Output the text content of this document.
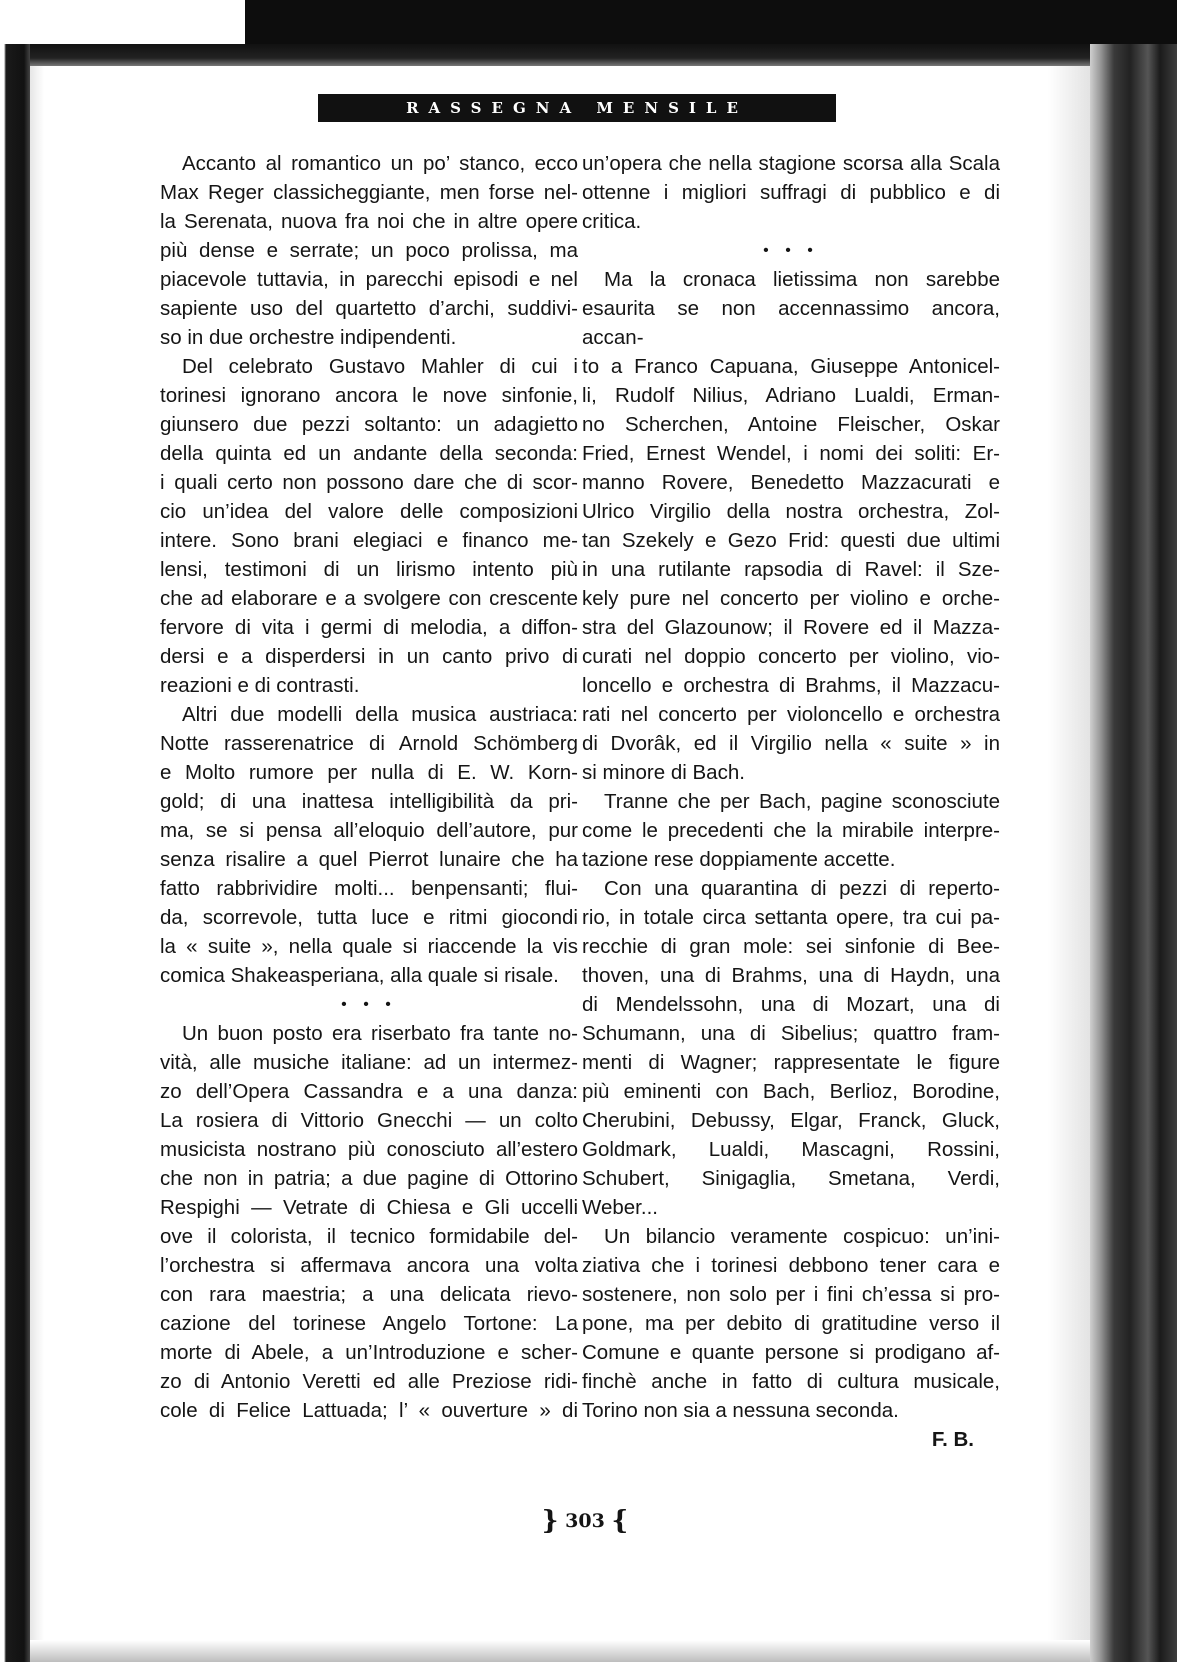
RASSEGNA MENSILE

Accanto al romantico un po’ stanco, ecco

Max Reger classicheggiante, men forse nel-

la Serenata, nuova fra noi che in altre opere

più dense e serrate; un poco prolissa, ma

piacevole tuttavia, in parecchi episodi e nel

sapiente uso del quartetto d’archi, suddivi-

so in due orchestre indipendenti.

Del celebrato Gustavo Mahler di cui i

torinesi ignorano ancora le nove sinfonie,

giunsero due pezzi soltanto: un adagietto

della quinta ed un andante della seconda:

i quali certo non possono dare che di scor-

cio un’idea del valore delle composizioni

intere. Sono brani elegiaci e financo me-

lensi, testimoni di un lirismo intento più

che ad elaborare e a svolgere con crescente

fervore di vita i germi di melodia, a diffon-

dersi e a disperdersi in un canto privo di

reazioni e di contrasti.

Altri due modelli della musica austriaca:

Notte rasserenatrice di Arnold Schömberg

e Molto rumore per nulla di E. W. Korn-

gold; di una inattesa intelligibilità da pri-

ma, se si pensa all’eloquio dell’autore, pur

senza risalire a quel Pierrot lunaire che ha

fatto rabbrividire molti... benpensanti; flui-

da, scorrevole, tutta luce e ritmi giocondi

la « suite », nella quale si riaccende la vis

comica Shakeasperiana, alla quale si risale.

• • •

Un buon posto era riserbato fra tante no-

vità, alle musiche italiane: ad un intermez-

zo dell’Opera Cassandra e a una danza:

La rosiera di Vittorio Gnecchi — un colto

musicista nostrano più conosciuto all’estero

che non in patria; a due pagine di Ottorino

Respighi — Vetrate di Chiesa e Gli uccelli

ove il colorista, il tecnico formidabile del-

l’orchestra si affermava ancora una volta

con rara maestria; a una delicata rievo-

cazione del torinese Angelo Tortone: La

morte di Abele, a un’Introduzione e scher-

zo di Antonio Veretti ed alle Preziose ridi-

cole di Felice Lattuada; l’ « ouverture » di

un’opera che nella stagione scorsa alla Scala

ottenne i migliori suffragi di pubblico e di

critica.

• • •

Ma la cronaca lietissima non sarebbe

esaurita se non accennassimo ancora, accan-

to a Franco Capuana, Giuseppe Antonicel-

li, Rudolf Nilius, Adriano Lualdi, Erman-

no Scherchen, Antoine Fleischer, Oskar

Fried, Ernest Wendel, i nomi dei soliti: Er-

manno Rovere, Benedetto Mazzacurati e

Ulrico Virgilio della nostra orchestra, Zol-

tan Szekely e Gezo Frid: questi due ultimi

in una rutilante rapsodia di Ravel: il Sze-

kely pure nel concerto per violino e orche-

stra del Glazounow; il Rovere ed il Mazza-

curati nel doppio concerto per violino, vio-

loncello e orchestra di Brahms, il Mazzacu-

rati nel concerto per violoncello e orchestra

di Dvorâk, ed il Virgilio nella « suite » in

si minore di Bach.

Tranne che per Bach, pagine sconosciute

come le precedenti che la mirabile interpre-

tazione rese doppiamente accette.

Con una quarantina di pezzi di reperto-

rio, in totale circa settanta opere, tra cui pa-

recchie di gran mole: sei sinfonie di Bee-

thoven, una di Brahms, una di Haydn, una

di Mendelssohn, una di Mozart, una di

Schumann, una di Sibelius; quattro fram-

menti di Wagner; rappresentate le figure

più eminenti con Bach, Berlioz, Borodine,

Cherubini, Debussy, Elgar, Franck, Gluck,

Goldmark, Lualdi, Mascagni, Rossini,

Schubert, Sinigaglia, Smetana, Verdi,

Weber...

Un bilancio veramente cospicuo: un’ini-

ziativa che i torinesi debbono tener cara e

sostenere, non solo per i fini ch’essa si pro-

pone, ma per debito di gratitudine verso il

Comune e quante persone si prodigano af-

finchè anche in fatto di cultura musicale,

Torino non sia a nessuna seconda.

F. B.
} 303 {
